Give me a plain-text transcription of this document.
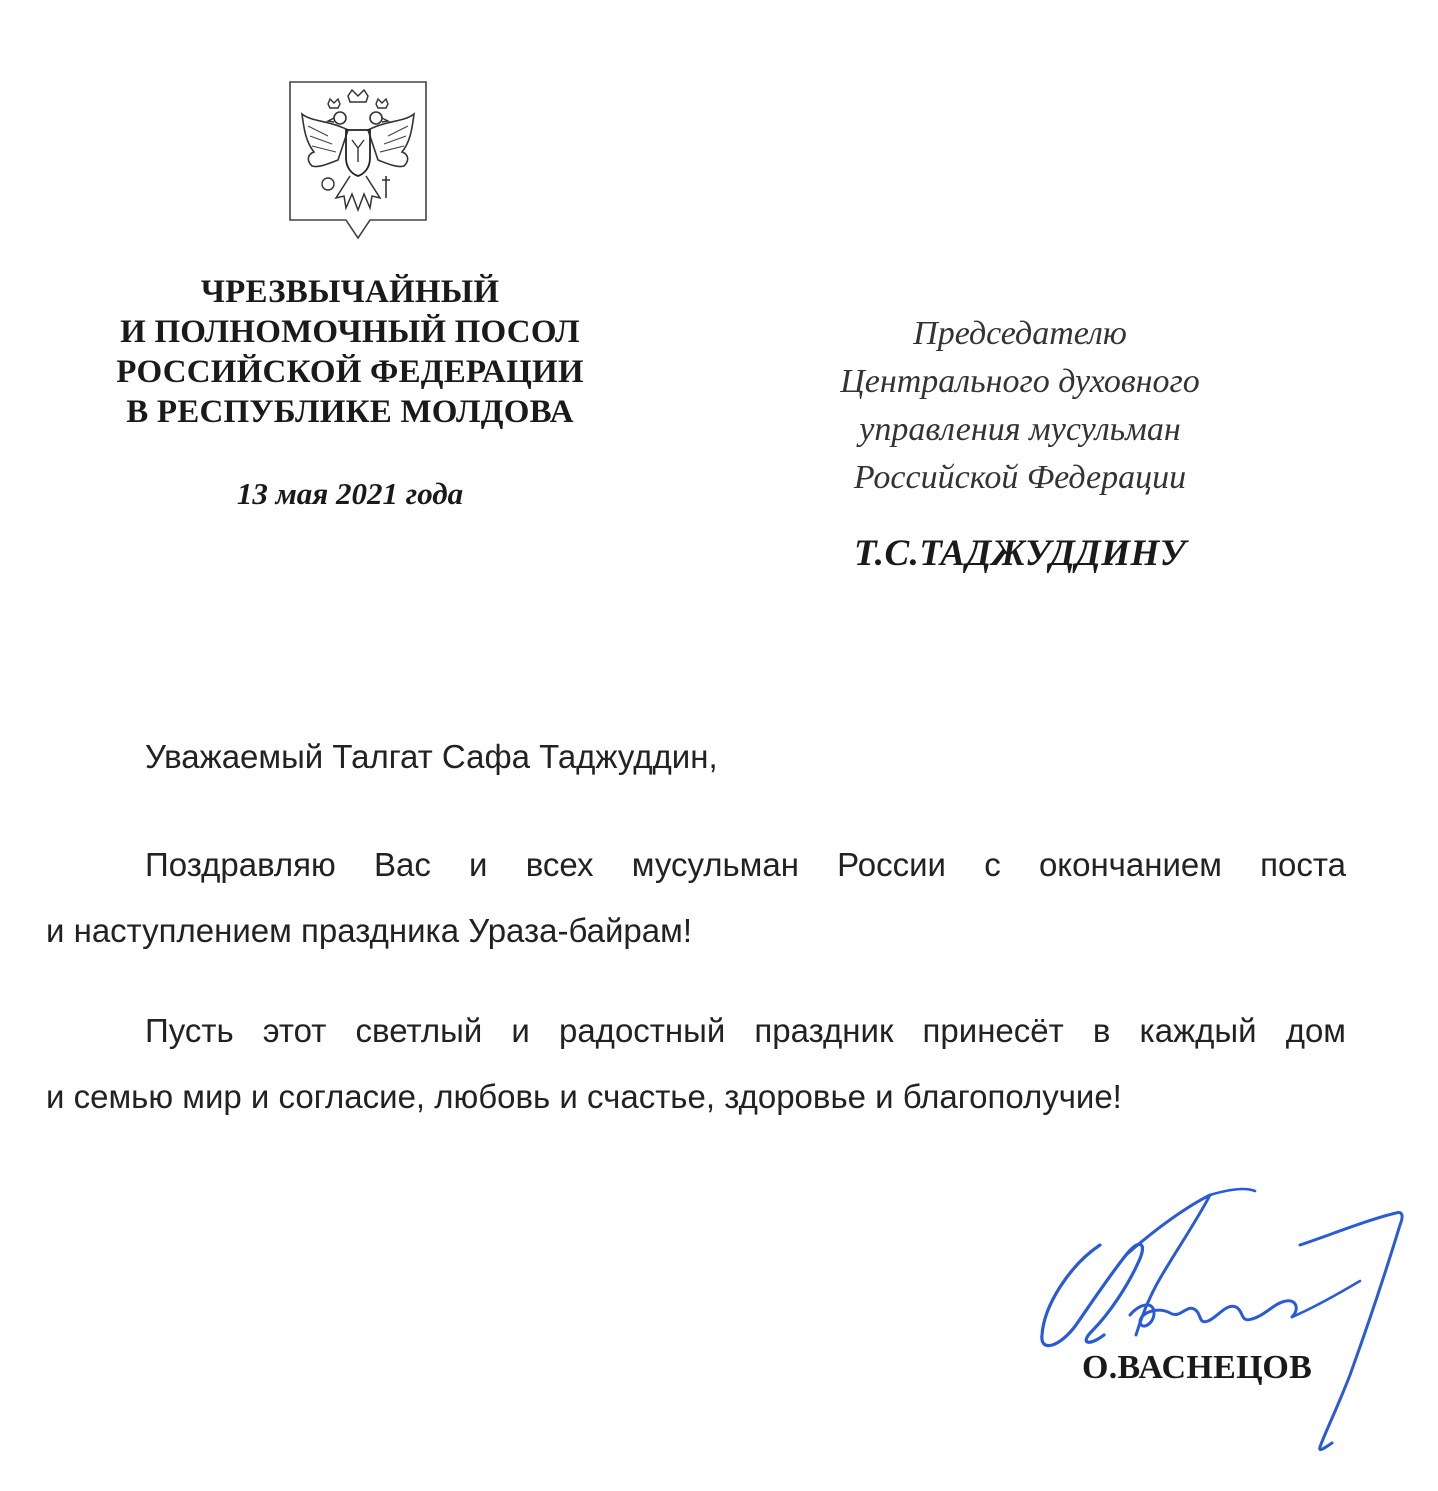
ЧРЕЗВЫЧАЙНЫЙ
И ПОЛНОМОЧНЫЙ ПОСОЛ
РОССИЙСКОЙ ФЕДЕРАЦИИ
В РЕСПУБЛИКЕ МОЛДОВА
13 мая 2021 года
Председателю
Центрального духовного
управления мусульман
Российской Федерации
Т.С.ТАДЖУДДИНУ
Уважаемый Талгат Сафа Таджуддин,
Поздравляю Вас и всех мусульман России с окончанием поста
и наступлением праздника Ураза-байрам!
Пусть этот светлый и радостный праздник принесёт в каждый дом
и семью мир и согласие, любовь и счастье, здоровье и благополучие!
О.ВАСНЕЦОВ
